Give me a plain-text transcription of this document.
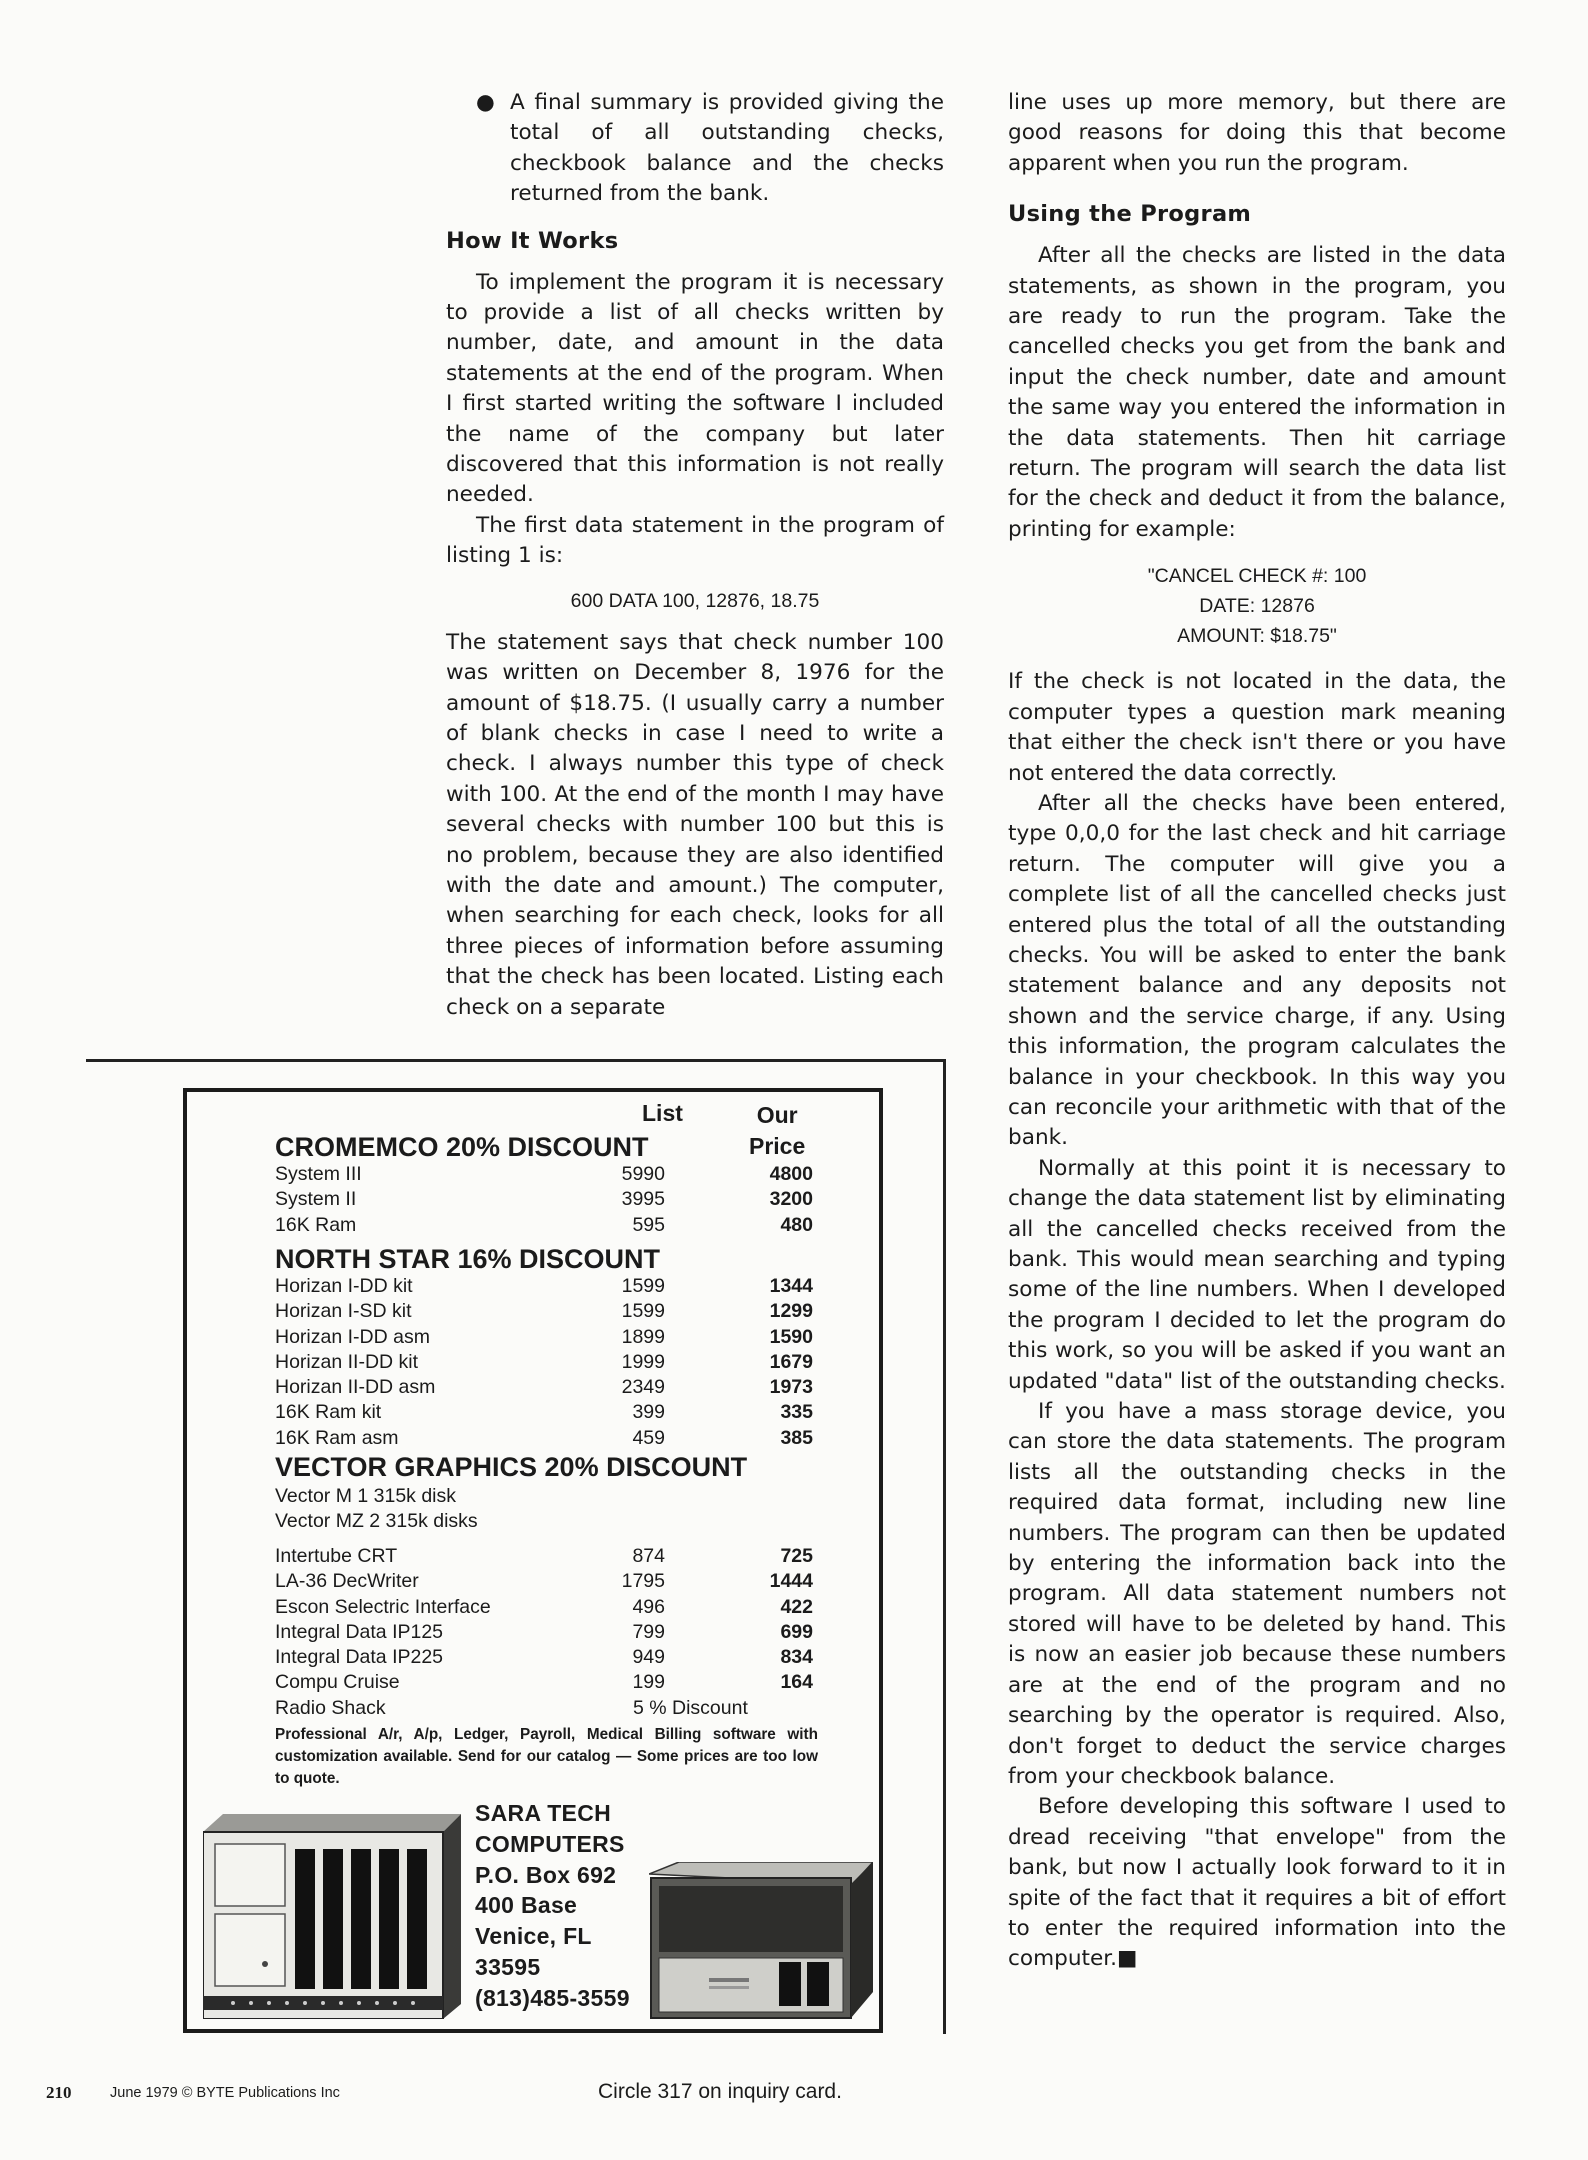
● A final summary is provided giving the total of all outstanding checks, checkbook balance and the checks returned from the bank.
How It Works

To implement the program it is necessary to provide a list of all checks written by number, date, and amount in the data statements at the end of the program. When I first started writing the software I included the name of the company but later discovered that this information is not really needed.

The first data statement in the program of listing 1 is:

600 DATA 100, 12876, 18.75

The statement says that check number 100 was written on December 8, 1976 for the amount of $18.75. (I usually carry a number of blank checks in case I need to write a check. I always number this type of check with 100. At the end of the month I may have several checks with number 100 but this is no problem, because they are also identified with the date and amount.) The computer, when searching for each check, looks for all three pieces of information before assuming that the check has been located. Listing each check on a separate

line uses up more memory, but there are good reasons for doing this that become apparent when you run the program.

Using the Program

After all the checks are listed in the data statements, as shown in the program, you are ready to run the program. Take the cancelled checks you get from the bank and input the check number, date and amount the same way you entered the information in the data statements. Then hit carriage return. The program will search the data list for the check and deduct it from the balance, printing for example:

"CANCEL CHECK #: 100
DATE: 12876
AMOUNT: $18.75"

If the check is not located in the data, the computer types a question mark meaning that either the check isn't there or you have not entered the data correctly.

After all the checks have been entered, type 0,0,0 for the last check and hit carriage return. The computer will give you a complete list of all the cancelled checks just entered plus the total of all the outstanding checks. You will be asked to enter the bank statement balance and any deposits not shown and the service charge, if any. Using this information, the program calculates the balance in your checkbook. In this way you can reconcile your arithmetic with that of the bank.

Normally at this point it is necessary to change the data statement list by eliminating all the cancelled checks received from the bank. This would mean searching and typing some of the line numbers. When I developed the program I decided to let the program do this work, so you will be asked if you want an updated "data" list of the outstanding checks.

If you have a mass storage device, you can store the data statements. The program lists all the outstanding checks in the required data format, including new line numbers. The program can then be updated by entering the information back into the program. All data statement numbers not stored will have to be deleted by hand. This is now an easier job because these numbers are at the end of the program and no searching by the operator is required. Also, don't forget to deduct the service charges from your checkbook balance.

Before developing this software I used to dread receiving "that envelope" from the bank, but now I actually look forward to it in spite of the fact that it requires a bit of effort to enter the required information into the computer.■

List	Our
Price
CROMEMCO 20% DISCOUNT
System III	5990	4800
System II	3995	3200
16K Ram	595	480
NORTH STAR 16% DISCOUNT
Horizan I-DD kit	1599	1344
Horizan I-SD kit	1599	1299
Horizan I-DD asm	1899	1590
Horizan II-DD kit	1999	1679
Horizan II-DD asm	2349	1973
16K Ram kit	399	335
16K Ram asm	459	385
VECTOR GRAPHICS 20% DISCOUNT
Vector M 1 315k disk
Vector MZ 2 315k disks
Intertube CRT	874	725
LA-36 DecWriter	1795	1444
Escon Selectric Interface	496	422
Integral Data IP125	799	699
Integral Data IP225	949	834
Compu Cruise	199	164
Radio Shack	5 % Discount
Professional A/r, A/p, Ledger, Payroll, Medical Billing software with customization available. Send for our catalog — Some prices are too low to quote.
SARA TECH
COMPUTERS
P.O. Box 692
400 Base
Venice, FL
33595
(813)485-3559
210	June 1979 © BYTE Publications Inc	Circle 317 on inquiry card.
